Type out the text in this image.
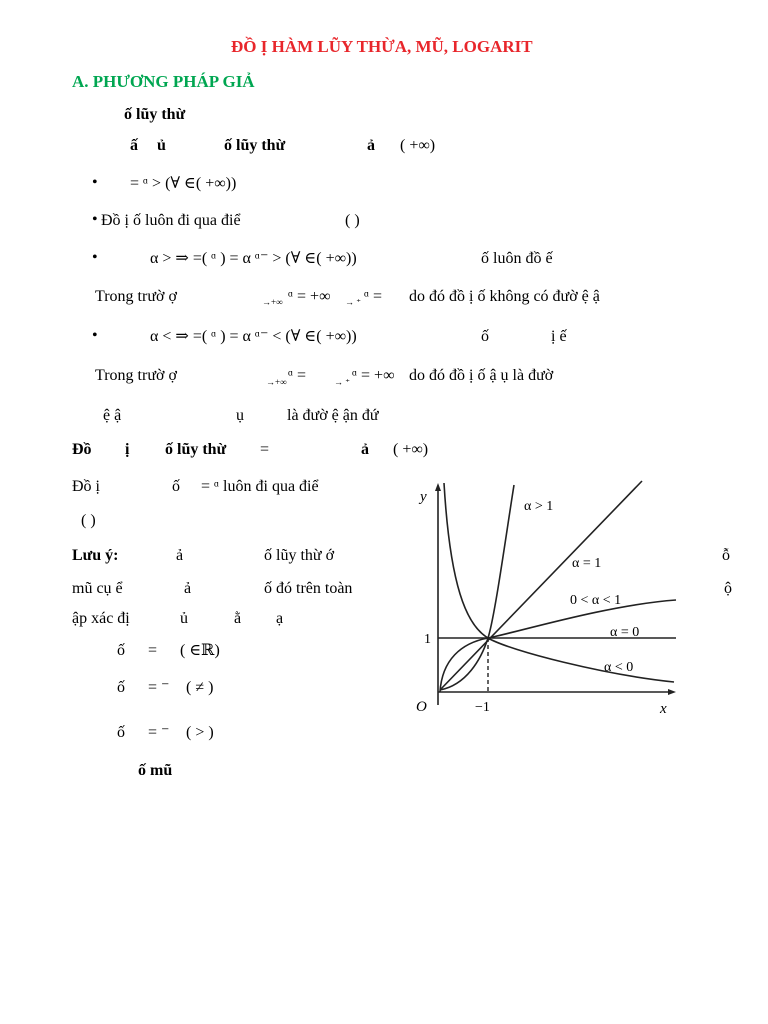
ĐỒ Ị HÀM LŨY THỪA, MŨ, LOGARIT
A. PHƯƠNG PHÁP GIẢ
ố lũy thừ
ấ ủ	ố lũy thừ	ả ( +∞)
• = ᵅ > (∀ ∈( +∞))
• Đồ ị ố luôn đi qua điể	( )
•	α > ⇒ =( ᵅ ) = α ᵅ⁻ > (∀ ∈( +∞))	ố luôn đồ ế
Trong trườ ợ	→+∞ ᵅ = +∞ → ⁺ ᵅ = do đó đồ ị ố không có đườ ệ ậ
•	α < ⇒ =( ᵅ ) = α ᵅ⁻ < (∀ ∈( +∞))	ố	ị ế
Trong trườ ợ	→+∞ ᵅ =	→ ⁺ ᵅ = +∞ do đó đồ ị ố ậ ụ là đườ
ệ ậ	ụ	là đườ ệ ận đứ
Đồ ị ố lũy thừ =	ả ( +∞)
Đồ ị	ố = ᵅ luôn đi qua điể
( )
Lưu ý:	ả	ố lũy thừ ớ	ỗ
mũ cụ ể	ả	ố đó trên toàn	ộ
ập xác đị	ủ	ằ ạ
ố = ( ∈ℝ)
ố = ⁻ ( ≠ )
ố = ⁻ ( > )
ố mũ
y
x
O
1
−1
α > 1
α = 1
0 < α < 1
α = 0
α < 0
